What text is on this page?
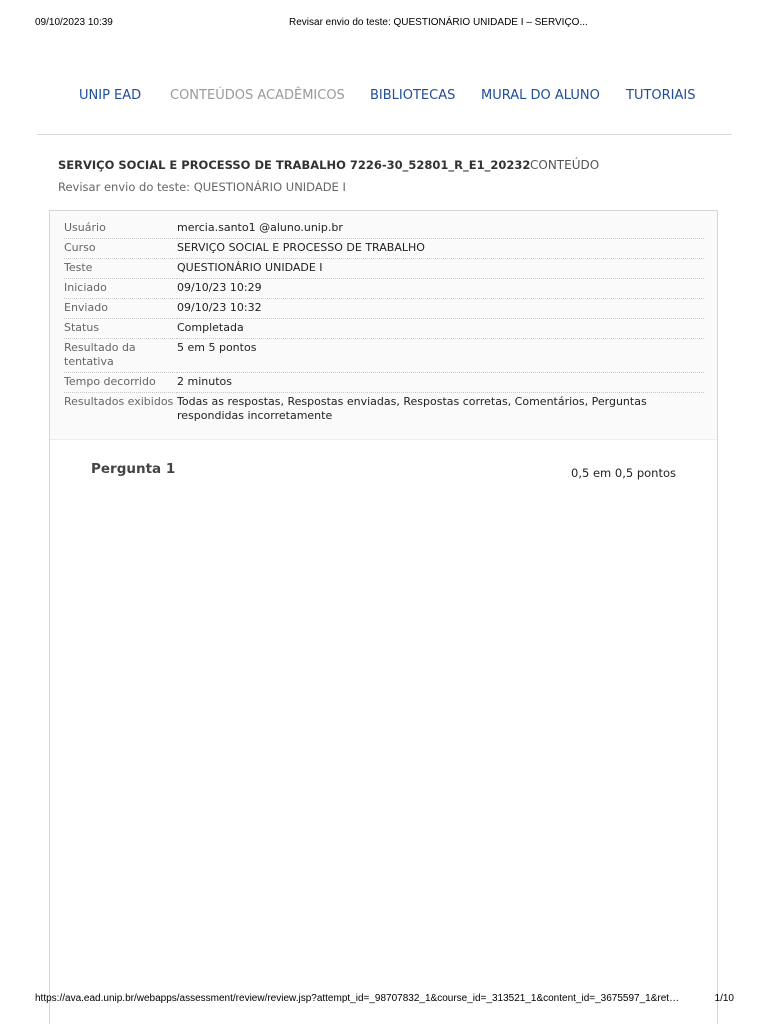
09/10/2023 10:39	Revisar envio do teste: QUESTIONÁRIO UNIDADE I – SERVIÇO...
UNIP EAD CONTEÚDOS ACADÊMICOS BIBLIOTECAS MURAL DO ALUNO TUTORIAIS
SERVIÇO SOCIAL E PROCESSO DE TRABALHO 7226-30_52801_R_E1_20232 CONTEÚDO
Revisar envio do teste: QUESTIONÁRIO UNIDADE I
Usuário	mercia.santo1 @aluno.unip.br
Curso	SERVIÇO SOCIAL E PROCESSO DE TRABALHO
Teste	QUESTIONÁRIO UNIDADE I
Iniciado	09/10/23 10:29
Enviado	09/10/23 10:32
Status	Completada
Resultado da tentativa	5 em 5 pontos
Tempo decorrido	2 minutos
Resultados exibidos	Todas as respostas, Respostas enviadas, Respostas corretas, Comentários, Perguntas respondidas incorretamente
Pergunta 1	0,5 em 0,5 pontos
https://ava.ead.unip.br/webapps/assessment/review/review.jsp?attempt_id=_98707832_1&course_id=_313521_1&content_id=_3675597_1&ret…	1/10
